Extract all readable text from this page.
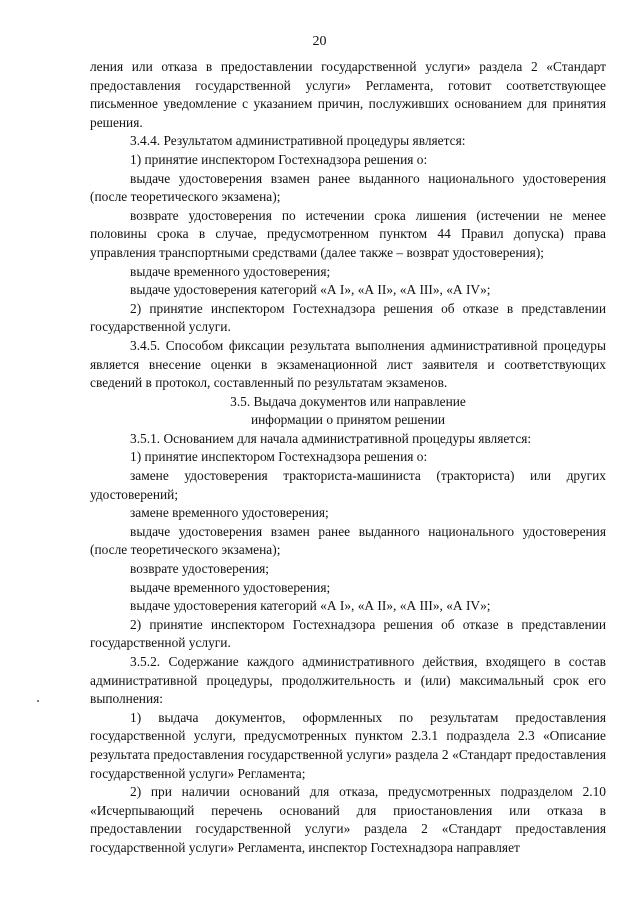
20

ления или отказа в предоставлении государственной услуги» раздела 2 «Стандарт предоставления государственной услуги» Регламента, готовит соответствующее письменное уведомление с указанием причин, послуживших основанием для принятия решения.

3.4.4. Результатом административной процедуры является:

1) принятие инспектором Гостехнадзора решения о:

выдаче удостоверения взамен ранее выданного национального удостоверения (после теоретического экзамена);

возврате удостоверения по истечении срока лишения (истечении не менее половины срока в случае, предусмотренном пунктом 44 Правил допуска) права управления транспортными средствами (далее также – возврат удостоверения);

выдаче временного удостоверения;

выдаче удостоверения категорий «А I», «А II», «А III», «А IV»;

2) принятие инспектором Гостехнадзора решения об отказе в представлении государственной услуги.

3.4.5. Способом фиксации результата выполнения административной процедуры является внесение оценки в экзаменационной лист заявителя и соответствующих сведений в протокол, составленный по результатам экзаменов.

3.5. Выдача документов или направление
информации о принятом решении

3.5.1. Основанием для начала административной процедуры является:

1) принятие инспектором Гостехнадзора решения о:

замене удостоверения тракториста-машиниста (тракториста) или других удостоверений;

замене временного удостоверения;

выдаче удостоверения взамен ранее выданного национального удостоверения (после теоретического экзамена);

возврате удостоверения;

выдаче временного удостоверения;

выдаче удостоверения категорий «А I», «А II», «А III», «А IV»;

2) принятие инспектором Гостехнадзора решения об отказе в представлении государственной услуги.

3.5.2. Содержание каждого административного действия, входящего в состав административной процедуры, продолжительность и (или) максимальный срок его выполнения:

1) выдача документов, оформленных по результатам предоставления государственной услуги, предусмотренных пунктом 2.3.1 подраздела 2.3 «Описание результата предоставления государственной услуги» раздела 2 «Стандарт предоставления государственной услуги» Регламента;

2) при наличии оснований для отказа, предусмотренных подразделом 2.10 «Исчерпывающий перечень оснований для приостановления или отказа в предоставлении государственной услуги» раздела 2 «Стандарт предоставления государственной услуги» Регламента, инспектор Гостехнадзора направляет
